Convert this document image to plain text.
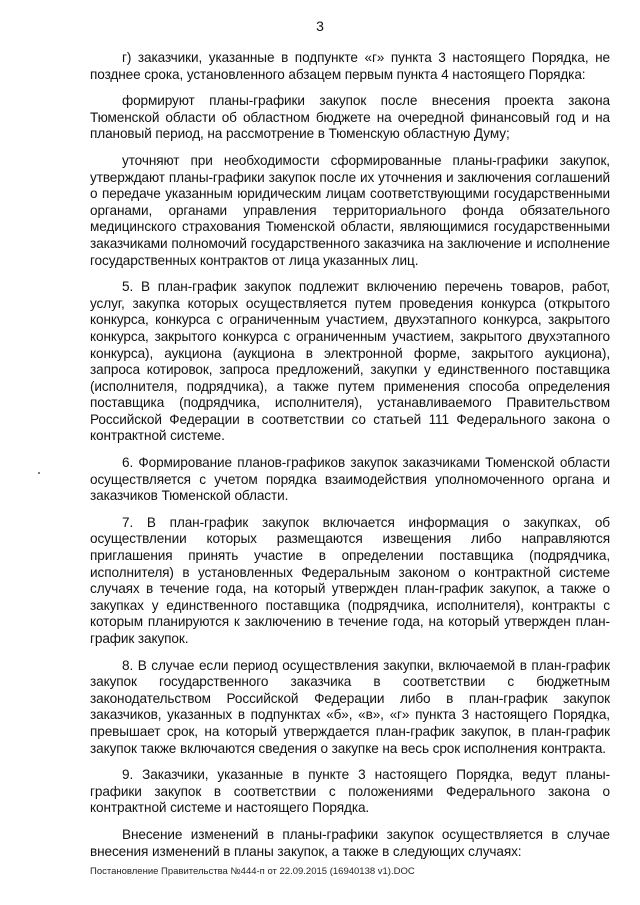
3

г) заказчики, указанные в подпункте «г» пункта 3 настоящего Порядка, не позднее срока, установленного абзацем первым пункта 4 настоящего Порядка:

формируют планы-графики закупок после внесения проекта закона Тюменской области об областном бюджете на очередной финансовый год и на плановый период, на рассмотрение в Тюменскую областную Думу;

уточняют при необходимости сформированные планы-графики закупок, утверждают планы-графики закупок после их уточнения и заключения соглашений о передаче указанным юридическим лицам соответствующими государственными органами, органами управления территориального фонда обязательного медицинского страхования Тюменской области, являющимися государственными заказчиками полномочий государственного заказчика на заключение и исполнение государственных контрактов от лица указанных лиц.

5. В план-график закупок подлежит включению перечень товаров, работ, услуг, закупка которых осуществляется путем проведения конкурса (открытого конкурса, конкурса с ограниченным участием, двухэтапного конкурса, закрытого конкурса, закрытого конкурса с ограниченным участием, закрытого двухэтапного конкурса), аукциона (аукциона в электронной форме, закрытого аукциона), запроса котировок, запроса предложений, закупки у единственного поставщика (исполнителя, подрядчика), а также путем применения способа определения поставщика (подрядчика, исполнителя), устанавливаемого Правительством Российской Федерации в соответствии со статьей 111 Федерального закона о контрактной системе.

6. Формирование планов-графиков закупок заказчиками Тюменской области осуществляется с учетом порядка взаимодействия уполномоченного органа и заказчиков Тюменской области.

7. В план-график закупок включается информация о закупках, об осуществлении которых размещаются извещения либо направляются приглашения принять участие в определении поставщика (подрядчика, исполнителя) в установленных Федеральным законом о контрактной системе случаях в течение года, на который утвержден план-график закупок, а также о закупках у единственного поставщика (подрядчика, исполнителя), контракты с которым планируются к заключению в течение года, на который утвержден план-график закупок.

8. В случае если период осуществления закупки, включаемой в план-график закупок государственного заказчика в соответствии с бюджетным законодательством Российской Федерации либо в план-график закупок заказчиков, указанных в подпунктах «б», «в», «г» пункта 3 настоящего Порядка, превышает срок, на который утверждается план-график закупок, в план-график закупок также включаются сведения о закупке на весь срок исполнения контракта.

9. Заказчики, указанные в пункте 3 настоящего Порядка, ведут планы-графики закупок в соответствии с положениями Федерального закона о контрактной системе и настоящего Порядка.

Внесение изменений в планы-графики закупок осуществляется в случае внесения изменений в планы закупок, а также в следующих случаях:

Постановление Правительства №444-п от 22.09.2015 (16940138 v1).DOC
